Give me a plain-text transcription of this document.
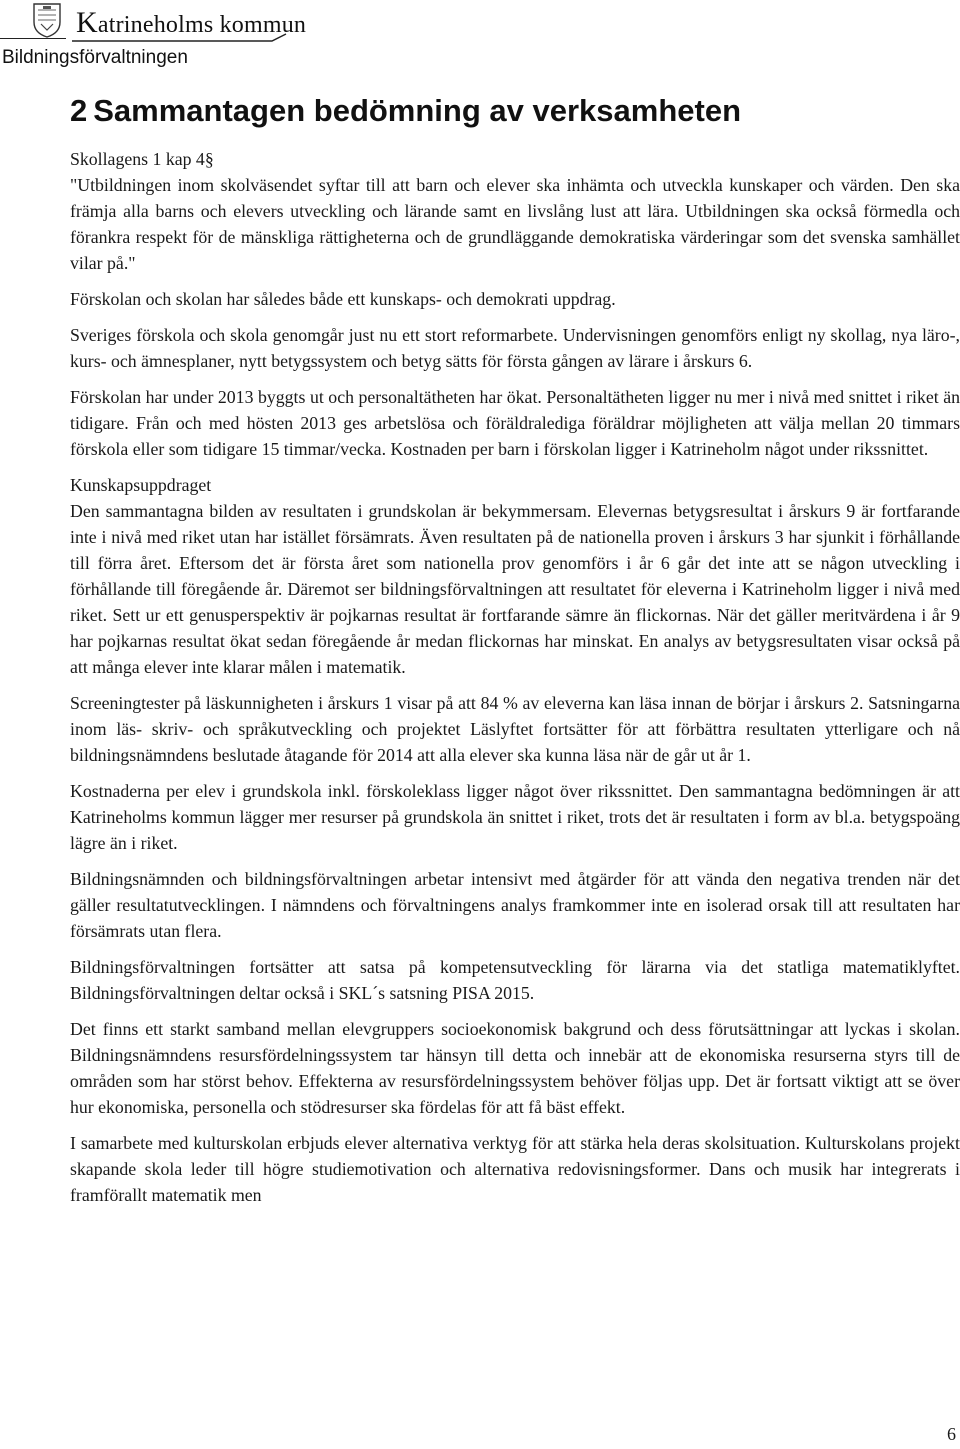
Katrineholms kommun
Bildningsförvaltningen
2 Sammantagen bedömning av verksamheten

Skollagens 1 kap 4§

"Utbildningen inom skolväsendet syftar till att barn och elever ska inhämta och utveckla kunskaper och värden. Den ska främja alla barns och elevers utveckling och lärande samt en livslång lust att lära. Utbildningen ska också förmedla och förankra respekt för de mänskliga rättigheterna och de grundläggande demokratiska värderingar som det svenska samhället vilar på."

Förskolan och skolan har således både ett kunskaps- och demokrati uppdrag.

Sveriges förskola och skola genomgår just nu ett stort reformarbete. Undervisningen genomförs enligt ny skollag, nya läro-, kurs- och ämnesplaner, nytt betygssystem och betyg sätts för första gången av lärare i årskurs 6.

Förskolan har under 2013 byggts ut och personaltätheten har ökat. Personaltätheten ligger nu mer i nivå med snittet i riket än tidigare. Från och med hösten 2013 ges arbetslösa och föräldralediga föräldrar möjligheten att välja mellan 20 timmars förskola eller som tidigare 15 timmar/vecka. Kostnaden per barn i förskolan ligger i Katrineholm något under rikssnittet.

Kunskapsuppdraget

Den sammantagna bilden av resultaten i grundskolan är bekymmersam. Elevernas betygsresultat i årskurs 9 är fortfarande inte i nivå med riket utan har istället försämrats. Även resultaten på de nationella proven i årskurs 3 har sjunkit i förhållande till förra året. Eftersom det är första året som nationella prov genomförs i år 6 går det inte att se någon utveckling i förhållande till föregående år. Däremot ser bildningsförvaltningen att resultatet för eleverna i Katrineholm ligger i nivå med riket. Sett ur ett genusperspektiv är pojkarnas resultat är fortfarande sämre än flickornas. När det gäller meritvärdena i år 9 har pojkarnas resultat ökat sedan föregående år medan flickornas har minskat. En analys av betygsresultaten visar också på att många elever inte klarar målen i matematik.

Screeningtester på läskunnigheten i årskurs 1 visar på att 84 % av eleverna kan läsa innan de börjar i årskurs 2. Satsningarna inom läs- skriv- och språkutveckling och projektet Läslyftet fortsätter för att förbättra resultaten ytterligare och nå bildningsnämndens beslutade åtagande för 2014 att alla elever ska kunna läsa när de går ut år 1.

Kostnaderna per elev i grundskola inkl. förskoleklass ligger något över rikssnittet. Den sammantagna bedömningen är att Katrineholms kommun lägger mer resurser på grundskola än snittet i riket, trots det är resultaten i form av bl.a. betygspoäng lägre än i riket.

Bildningsnämnden och bildningsförvaltningen arbetar intensivt med åtgärder för att vända den negativa trenden när det gäller resultatutvecklingen. I nämndens och förvaltningens analys framkommer inte en isolerad orsak till att resultaten har försämrats utan flera.

Bildningsförvaltningen fortsätter att satsa på kompetensutveckling för lärarna via det statliga matematiklyftet. Bildningsförvaltningen deltar också i SKL´s satsning PISA 2015.

Det finns ett starkt samband mellan elevgruppers socioekonomisk bakgrund och dess förutsättningar att lyckas i skolan. Bildningsnämndens resursfördelningssystem tar hänsyn till detta och innebär att de ekonomiska resurserna styrs till de områden som har störst behov. Effekterna av resursfördelningssystem behöver följas upp. Det är fortsatt viktigt att se över hur ekonomiska, personella och stödresurser ska fördelas för att få bäst effekt.

I samarbete med kulturskolan erbjuds elever alternativa verktyg för att stärka hela deras skolsituation. Kulturskolans projekt skapande skola leder till högre studiemotivation och alternativa redovisningsformer. Dans och musik har integrerats i framförallt matematik men

6
